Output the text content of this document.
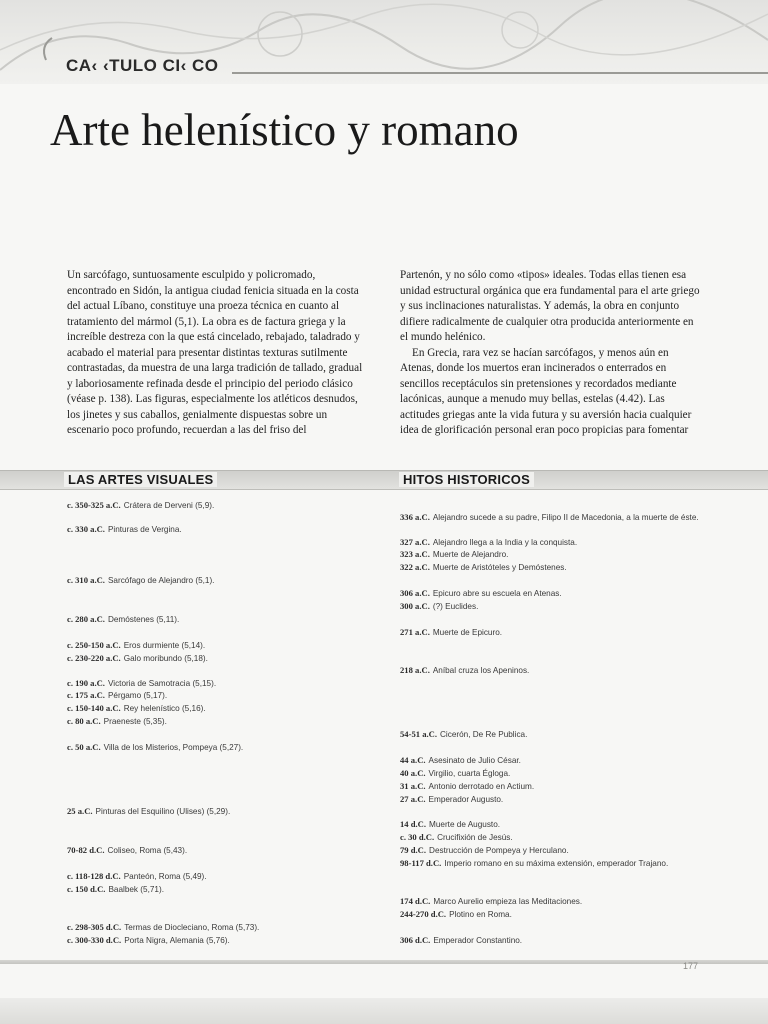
CA‹ ‹TULO CI‹ CO
Arte helenístico y romano

Un sarcófago, suntuosamente esculpido y policromado, encontrado en Sidón, la antigua ciudad fenicia situada en la costa del actual Líbano, constituye una proeza técnica en cuanto al tratamiento del mármol (5,1). La obra es de factura griega y la increíble destreza con la que está cincelado, rebajado, taladrado y acabado el material para presentar distintas texturas sutilmente contrastadas, da muestra de una larga tradición de tallado, gradual y laboriosamente refinada desde el principio del periodo clásico (véase p. 138). Las figuras, especialmente los atléticos desnudos, los jinetes y sus caballos, genialmente dispuestas sobre un escenario poco profundo, recuerdan a las del friso del

Partenón, y no sólo como «tipos» ideales. Todas ellas tienen esa unidad estructural orgánica que era fundamental para el arte griego y sus inclinaciones naturalistas. Y además, la obra en conjunto difiere radicalmente de cualquier otra producida anteriormente en el mundo helénico.

En Grecia, rara vez se hacían sarcófagos, y menos aún en Atenas, donde los muertos eran incinerados o enterrados en sencillos receptáculos sin pretensiones y recordados mediante lacónicas, aunque a menudo muy bellas, estelas (4.42). Las actitudes griegas ante la vida futura y su aversión hacia cualquier idea de glorificación personal eran poco propicias para fomentar

LAS ARTES VISUALES	HITOS HISTORICOS
c. 350-325 a.C. Crátera de Derveni (5,9).
c. 330 a.C. Pinturas de Vergina.
c. 310 a.C. Sarcófago de Alejandro (5,1).
c. 280 a.C. Demóstenes (5,11).
c. 250-150 a.C. Eros durmiente (5,14).
c. 230-220 a.C. Galo moribundo (5,18).
c. 190 a.C. Victoria de Samotracia (5,15).
c. 175 a.C. Pérgamo (5,17).
c. 150-140 a.C. Rey helenístico (5,16).
c. 80 a.C. Praeneste (5,35).
c. 50 a.C. Villa de los Misterios, Pompeya (5,27).
25 a.C. Pinturas del Esquilino (Ulises) (5,29).
70-82 d.C. Coliseo, Roma (5,43).
c. 118-128 d.C. Panteón, Roma (5,49).
c. 150 d.C. Baalbek (5,71).
c. 298-305 d.C. Termas de Diocleciano, Roma (5,73).
c. 300-330 d.C. Porta Nigra, Alemania (5,76).
336 a.C. Alejandro sucede a su padre, Filipo II de Macedonia, a la muerte de éste.
327 a.C. Alejandro llega a la India y la conquista.
323 a.C. Muerte de Alejandro.
322 a.C. Muerte de Aristóteles y Demóstenes.
306 a.C. Epicuro abre su escuela en Atenas.
300 a.C. (?) Euclides.
271 a.C. Muerte de Epicuro.
218 a.C. Aníbal cruza los Apeninos.
54-51 a.C. Cicerón, De Re Publica.
44 a.C. Asesinato de Julio César.
40 a.C. Virgilio, cuarta Égloga.
31 a.C. Antonio derrotado en Actium.
27 a.C. Emperador Augusto.
14 d.C. Muerte de Augusto.
c. 30 d.C. Crucifixión de Jesús.
79 d.C. Destrucción de Pompeya y Herculano.
98-117 d.C. Imperio romano en su máxima extensión, emperador Trajano.
174 d.C. Marco Aurelio empieza las Meditaciones.
244-270 d.C. Plotino en Roma.
306 d.C. Emperador Constantino.
177
